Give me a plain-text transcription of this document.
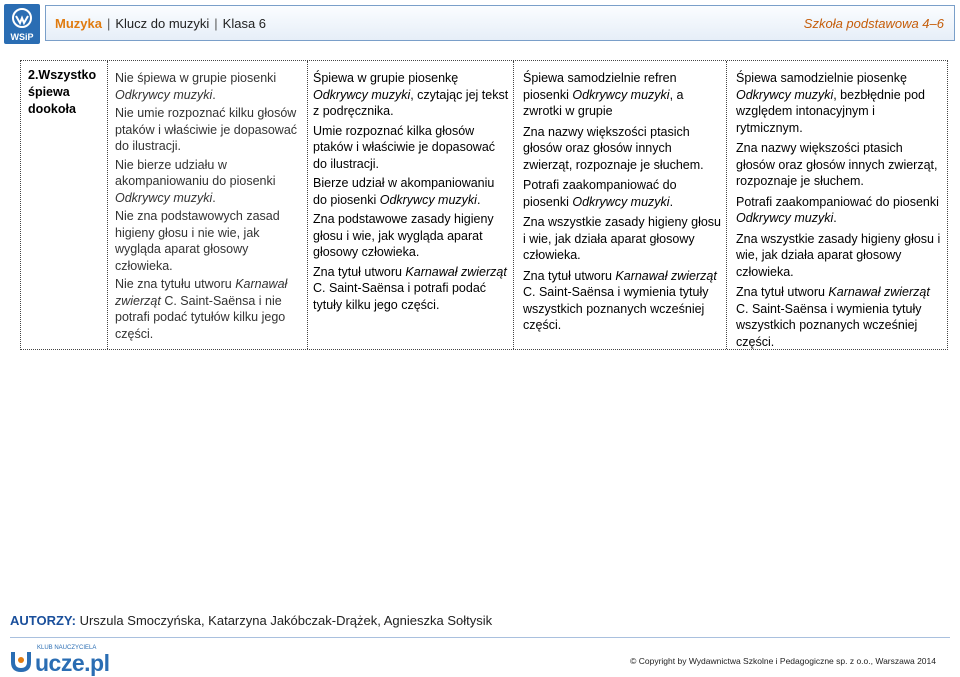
WSiP
Muzyka | Klucz do muzyki | Klasa 6	Szkoła podstawowa 4–6
2.Wszystko śpiewa dookoła

Nie śpiewa w grupie piosenki Odkrywcy muzyki.

Nie umie rozpoznać kilku głosów ptaków i właściwie je dopasować do ilustracji.

Nie bierze udziału w akompaniowaniu do piosenki Odkrywcy muzyki.

Nie zna podstawowych zasad higieny głosu i nie wie, jak wygląda aparat głosowy człowieka.

Nie zna tytułu utworu Karnawał zwierząt C. Saint-Saënsa i nie potrafi podać tytułów kilku jego części.

Śpiewa w grupie piosenkę Odkrywcy muzyki, czytając jej tekst z podręcznika.

Umie rozpoznać kilka głosów ptaków i właściwie je dopasować do ilustracji.

Bierze udział w akompaniowaniu do piosenki Odkrywcy muzyki.

Zna podstawowe zasady higieny głosu i wie, jak wygląda aparat głosowy człowieka.

Zna tytuł utworu Karnawał zwierząt C. Saint-Saënsa i potrafi podać tytuły kilku jego części.

Śpiewa samodzielnie refren piosenki Odkrywcy muzyki, a zwrotki w grupie

Zna nazwy większości ptasich głosów oraz głosów innych zwierząt, rozpoznaje je słuchem.

Potrafi zaakompaniować do piosenki Odkrywcy muzyki.

Zna wszystkie zasady higieny głosu i wie, jak działa aparat głosowy człowieka.

Zna tytuł utworu Karnawał zwierząt C. Saint-Saënsa i wymienia tytuły wszystkich poznanych wcześniej części.

Śpiewa samodzielnie piosenkę Odkrywcy muzyki, bezbłędnie pod względem intonacyjnym i rytmicznym.

Zna nazwy większości ptasich głosów oraz głosów innych zwierząt, rozpoznaje je słuchem.

Potrafi zaakompaniować do piosenki Odkrywcy muzyki.

Zna wszystkie zasady higieny głosu i wie, jak działa aparat głosowy człowieka.

Zna tytuł utworu Karnawał zwierząt C. Saint-Saënsa i wymienia tytuły wszystkich poznanych wcześniej części.

AUTORZY: Urszula Smoczyńska, Katarzyna Jakóbczak-Drążek, Agnieszka Sołtysik
KLUB NAUCZYCIELA
ucze.pl	© Copyright by Wydawnictwa Szkolne i Pedagogiczne sp. z o.o., Warszawa 2014
